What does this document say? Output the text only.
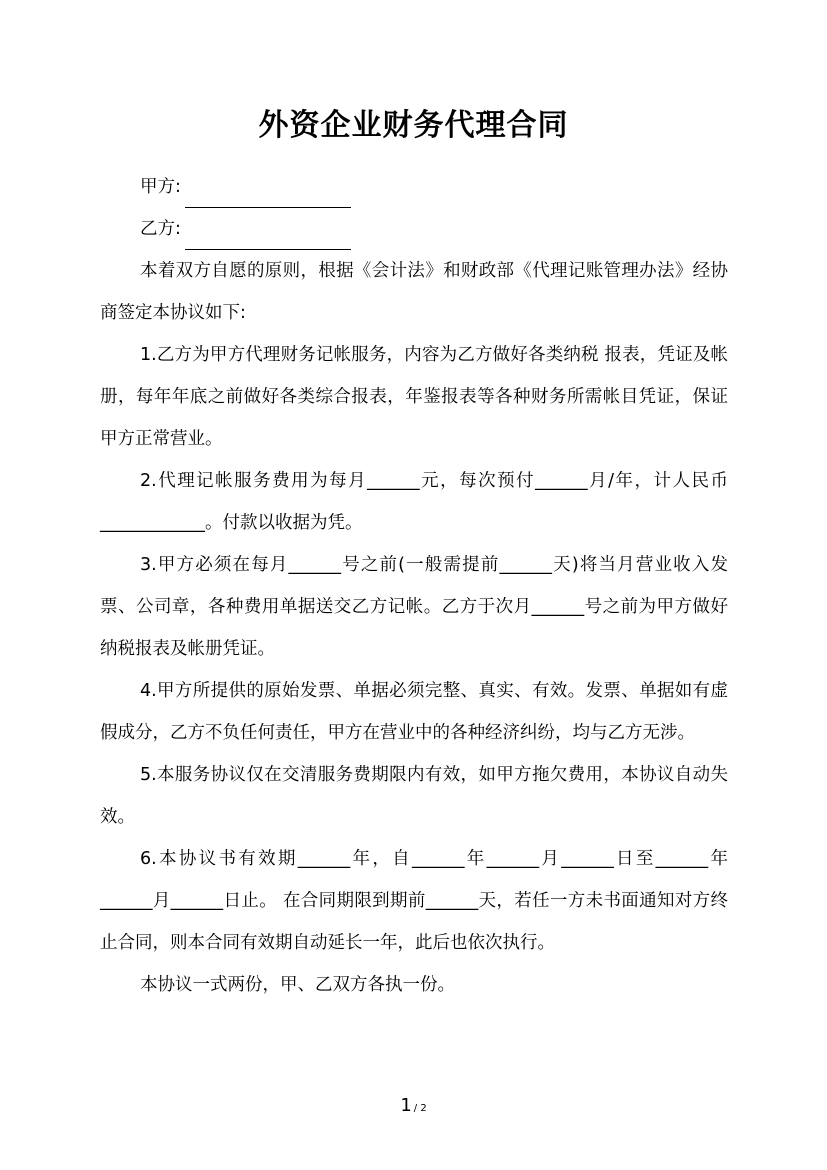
外资企业财务代理合同

甲方:

乙方:

本着双方自愿的原则，根据《会计法》和财政部《代理记账管理办法》经协商签定本协议如下:

1.乙方为甲方代理财务记帐服务，内容为乙方做好各类纳税 报表，凭证及帐册，每年年底之前做好各类综合报表，年鉴报表等各种财务所需帐目凭证，保证甲方正常营业。

2.代理记帐服务费用为每月______元，每次预付______月/年，计人民币____________。付款以收据为凭。

3.甲方必须在每月______号之前(一般需提前______天)将当月营业收入发票、公司章，各种费用单据送交乙方记帐。乙方于次月______号之前为甲方做好纳税报表及帐册凭证。

4.甲方所提供的原始发票、单据必须完整、真实、有效。发票、单据如有虚假成分，乙方不负任何责任，甲方在营业中的各种经济纠纷，均与乙方无涉。

5.本服务协议仅在交清服务费期限内有效，如甲方拖欠费用，本协议自动失效。

6.本协议书有效期______年，自______年______月______日至______年______月______日止。 在合同期限到期前______天，若任一方未书面通知对方终止合同，则本合同有效期自动延长一年，此后也依次执行。

本协议一式两份，甲、乙双方各执一份。

1 / 2
